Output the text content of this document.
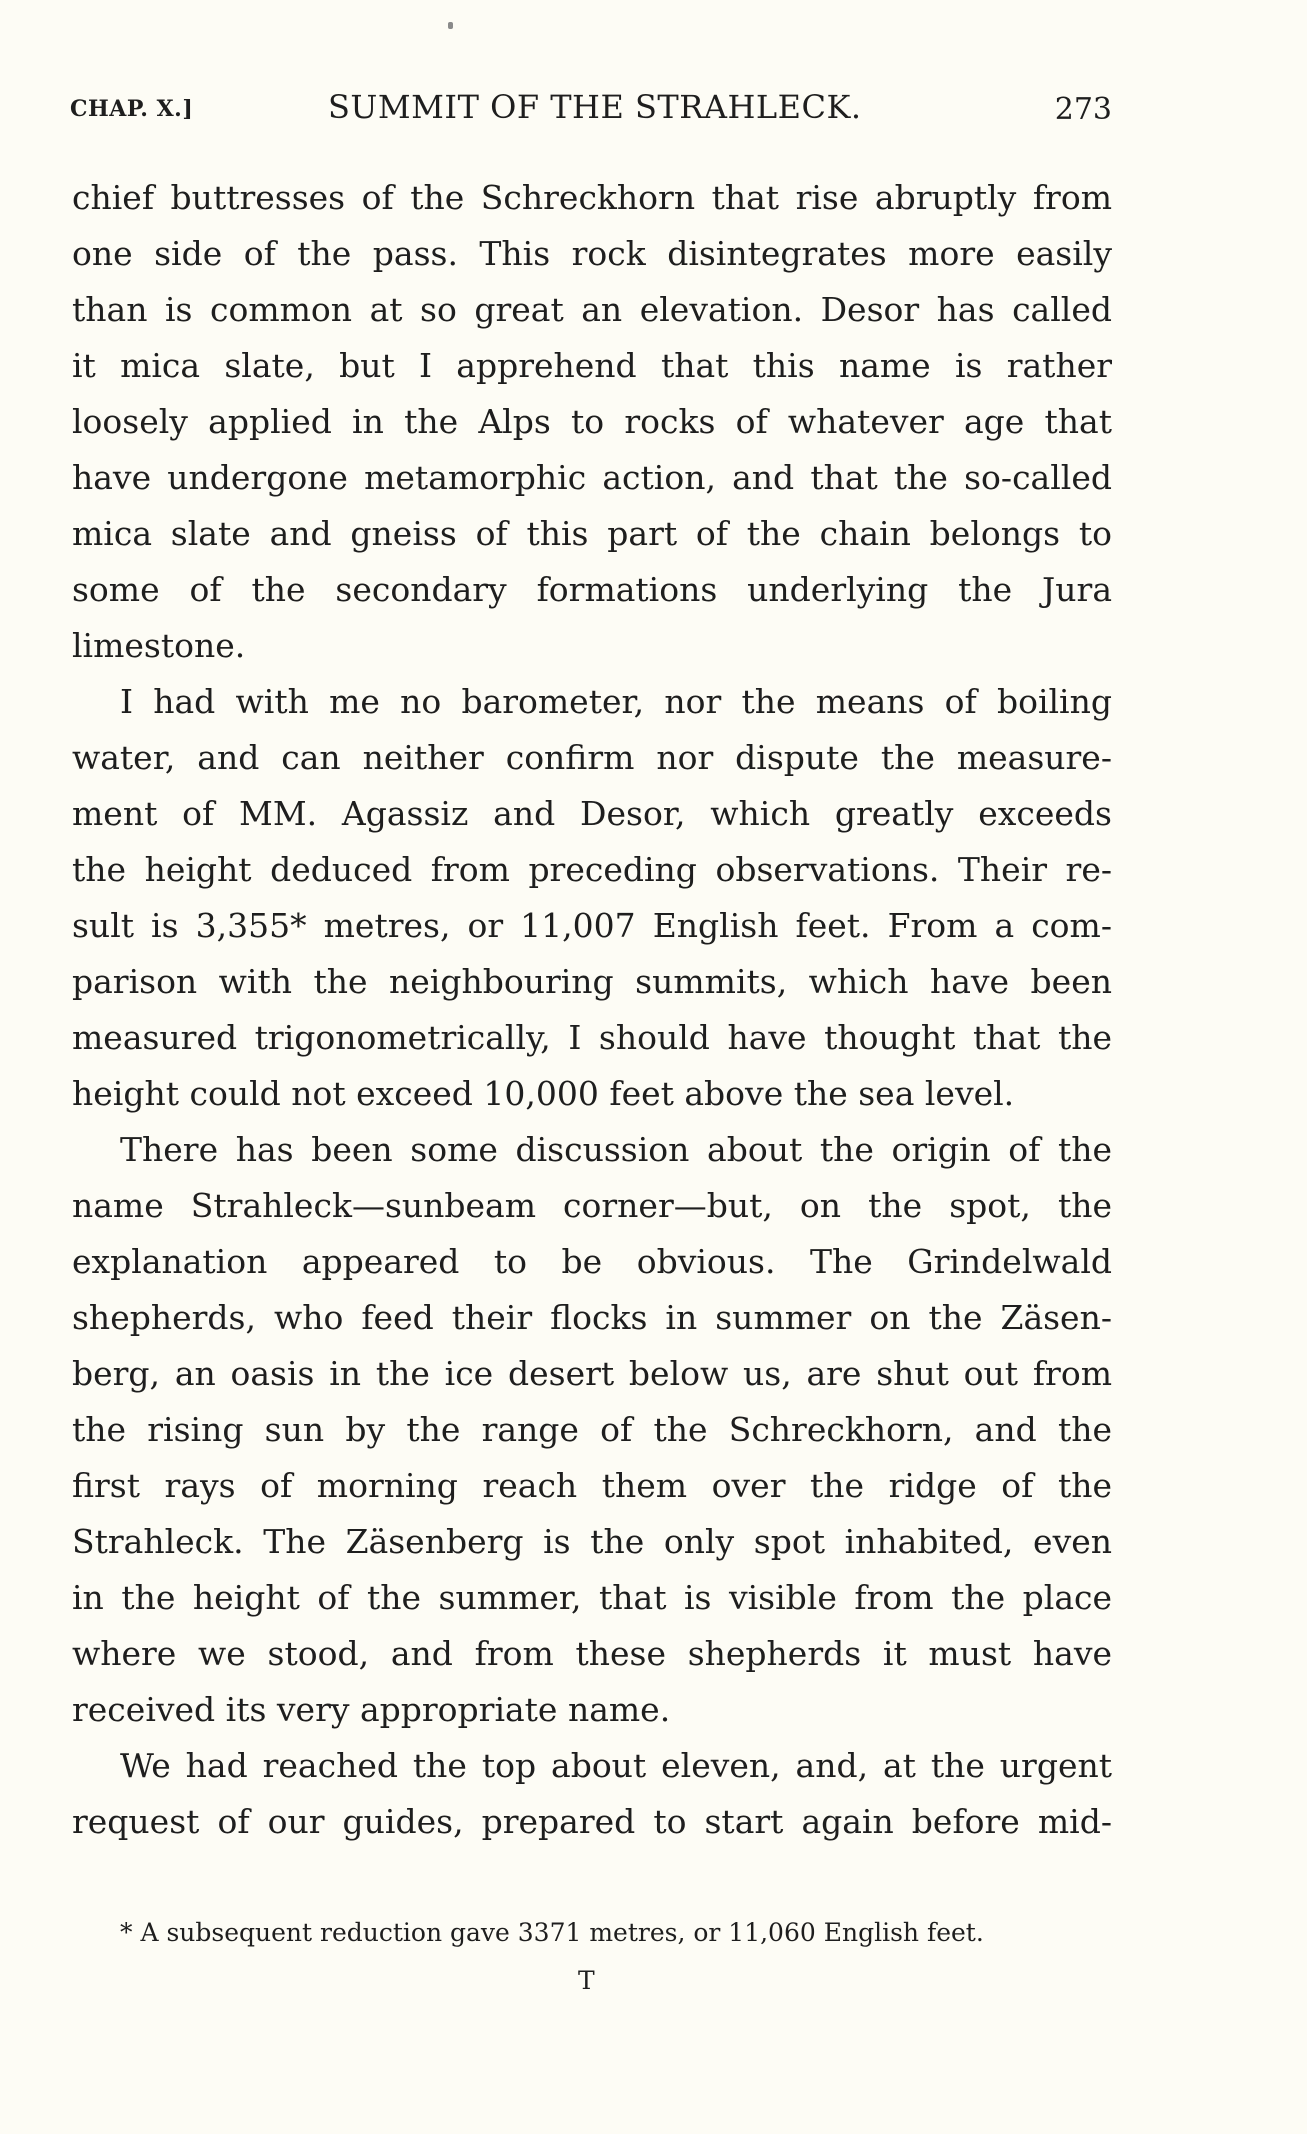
CHAP. X.]	SUMMIT OF THE STRAHLECK.	273
chief buttresses of the Schreckhorn that rise abruptly from
one side of the pass. This rock disintegrates more easily
than is common at so great an elevation. Desor has called
it mica slate, but I apprehend that this name is rather
loosely applied in the Alps to rocks of whatever age that
have undergone metamorphic action, and that the so-called
mica slate and gneiss of this part of the chain belongs to
some of the secondary formations underlying the Jura
limestone.
I had with me no barometer, nor the means of boiling
water, and can neither confirm nor dispute the measure-
ment of MM. Agassiz and Desor, which greatly exceeds
the height deduced from preceding observations. Their re-
sult is 3,355* metres, or 11,007 English feet. From a com-
parison with the neighbouring summits, which have been
measured trigonometrically, I should have thought that the
height could not exceed 10,000 feet above the sea level.
There has been some discussion about the origin of the
name Strahleck—sunbeam corner—but, on the spot, the
explanation appeared to be obvious. The Grindelwald
shepherds, who feed their flocks in summer on the Zäsen-
berg, an oasis in the ice desert below us, are shut out from
the rising sun by the range of the Schreckhorn, and the
first rays of morning reach them over the ridge of the
Strahleck. The Zäsenberg is the only spot inhabited, even
in the height of the summer, that is visible from the place
where we stood, and from these shepherds it must have
received its very appropriate name.
We had reached the top about eleven, and, at the urgent
request of our guides, prepared to start again before mid-
* A subsequent reduction gave 3371 metres, or 11,060 English feet.
T
